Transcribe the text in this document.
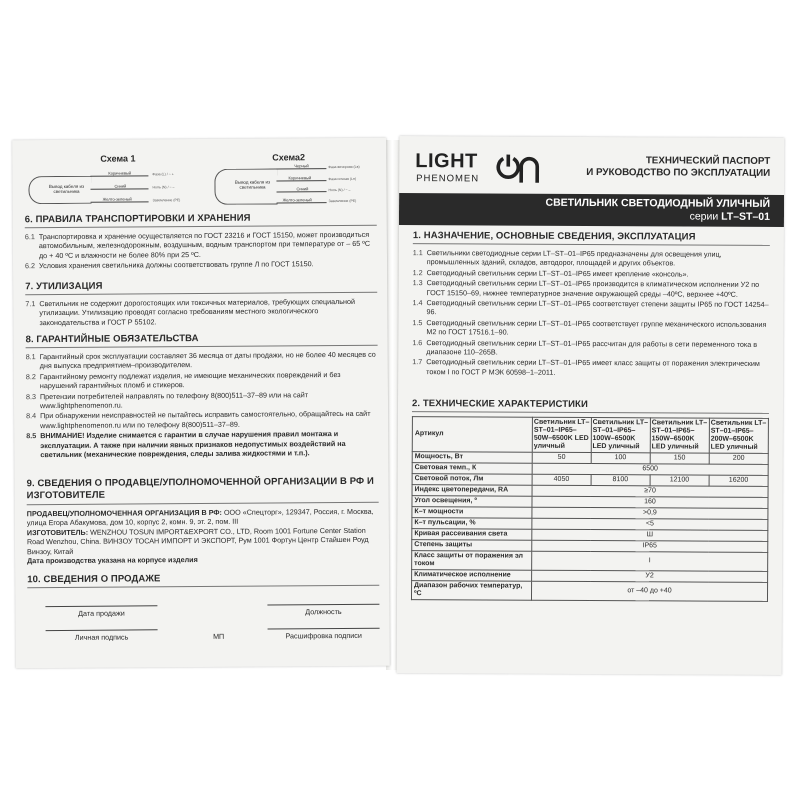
Схема 1
Вывод кабеля из светильника
Коричневый	Фаза (L) / ~ +
Синий	Ноль (N) / ~ –
Желто-зеленый	Заземление (PE)
Схема2
Вывод кабеля из светильника
Черный	Фаза вечерняя (Lв)
Коричневый	Фаза ночная (Lн)
Синий	Ноль (N) / ~ –
Желто-зеленый	Заземление (PE)
6. ПРАВИЛА ТРАНСПОРТИРОВКИ И ХРАНЕНИЯ
6.1 Транспортировка и хранение осуществляется по ГОСТ 23216 и ГОСТ 15150, может производиться автомобильным, железнодорожным, воздушным, водным транспортом при температуре от – 65 ºС до + 40 ºС и влажности не более 80% при 25 ºС.
6.2 Условия хранения светильника должны соответствовать группе Л по ГОСТ 15150.
7. УТИЛИЗАЦИЯ
7.1 Светильник не содержит дорогостоящих или токсичных материалов, требующих специальной утилизации. Утилизацию проводят согласно требованиям местного экологического законодательства и ГОСТ Р 55102.
8. ГАРАНТИЙНЫЕ ОБЯЗАТЕЛЬСТВА
8.1 Гарантийный срок эксплуатации составляет 36 месяца от даты продажи, но не более 40 месяцев со дня выпуска предприятием–производителем.
8.2 Гарантийному ремонту подлежат изделия, не имеющие механических повреждений и без нарушений гарантийных пломб и стикеров.
8.3 Претензии потребителей направлять по телефону 8(800)511–37–89 или на сайт www.lightphenomenon.ru.
8.4 При обнаружении неисправностей не пытайтесь исправить самостоятельно, обращайтесь на сайт www.lightphenomenon.ru или по телефону 8(800)511–37–89.
8.5 ВНИМАНИЕ! Изделие снимается с гарантии в случае нарушения правил монтажа и эксплуатации. А также при наличии явных признаков недопустимых воздействий на светильник (механические повреждения, следы залива жидкостями и т.п.).
9. СВЕДЕНИЯ О ПРОДАВЦЕ/УПОЛНОМОЧЕННОЙ ОРГАНИЗАЦИИ В РФ И ИЗГОТОВИТЕЛЕ
ПРОДАВЕЦ/УПОЛНОМОЧЕННАЯ ОРГАНИЗАЦИЯ В РФ: ООО «Спецторг», 129347, Россия, г. Москва, улица Егора Абакумова, дом 10, корпус 2, комн. 9, эт. 2, пом. III
ИЗГОТОВИТЕЛЬ: WENZHOU TOSUN IMPORT&EXPORT CO., LTD, Room 1001 Fortune Center Station Road Wenzhou, China. ВИНЗОУ ТОСАН ИМПОРТ И ЭКСПОРТ, Рум 1001 Фортун Центр Стайшен Роуд Винзоу, Китай
Дата производства указана на корпусе изделия
10. СВЕДЕНИЯ О ПРОДАЖЕ
Дата продажи	Должность
Личная подпись	МП	Расшифровка подписи
LIGHT
PHENOMEN
ТЕХНИЧЕСКИЙ ПАСПОРТ
И РУКОВОДСТВО ПО ЭКСПЛУАТАЦИИ
СВЕТИЛЬНИК СВЕТОДИОДНЫЙ УЛИЧНЫЙ
серии LT–ST–01
1. НАЗНАЧЕНИЕ, ОСНОВНЫЕ СВЕДЕНИЯ, ЭКСПЛУАТАЦИЯ
1.1 Светильники светодиодные серии LT–ST–01–IP65 предназначены для освещения улиц, промышленных зданий, складов, автодорог, площадей и других объектов.
1.2 Светодиодный светильник серии LT–ST–01–IP65 имеет крепление «консоль».
1.3 Светодиодный светильник серии LT–ST–01–IP65 производится в климатическом исполнении У2 по ГОСТ 15150–69, нижнее температурное значение окружающей среды –40ºС, верхнее +40ºС.
1.4 Светодиодный светильник серии LT–ST–01–IP65 соответствует степени защиты IP65 по ГОСТ 14254–96.
1.5 Светодиодный светильник серии LT–ST–01–IP65 соответствует группе механического использования М2 по ГОСТ 17516.1–90.
1.6 Светодиодный светильник серии LT–ST–01–IP65 рассчитан для работы в сети переменного тока в диапазоне 110–265В.
1.7 Светодиодный светильник серии LT–ST–01–IP65 имеет класс защиты от поражения электрическим током I по ГОСТ Р МЭК 60598–1–2011.
2. ТЕХНИЧЕСКИЕ ХАРАКТЕРИСТИКИ
Артикул	Светильник LT–ST–01–IP65–50W–6500K LED уличный	Светильник LT–ST–01–IP65–100W–6500K LED уличный	Светильник LT–ST–01–IP65–150W–6500K LED уличный	Светильник LT–ST–01–IP65–200W–6500K LED уличный
Мощность, Вт	50	100	150	200
Световая темп., К	6500			
Световой поток, Лм	4050	8100	12100	16200
Индекс цветопередачи, RA	≥70			
Угол освещения, º	160			
К–т мощности	>0,9			
К–т пульсации, %	<5			
Кривая рассеивания света	Ш			
Степень защиты	IP65			
Класс защиты от поражения эл током	I			
Климатическое исполнение	У2			
Диапазон рабочих температур, ºС	от –40 до +40			
